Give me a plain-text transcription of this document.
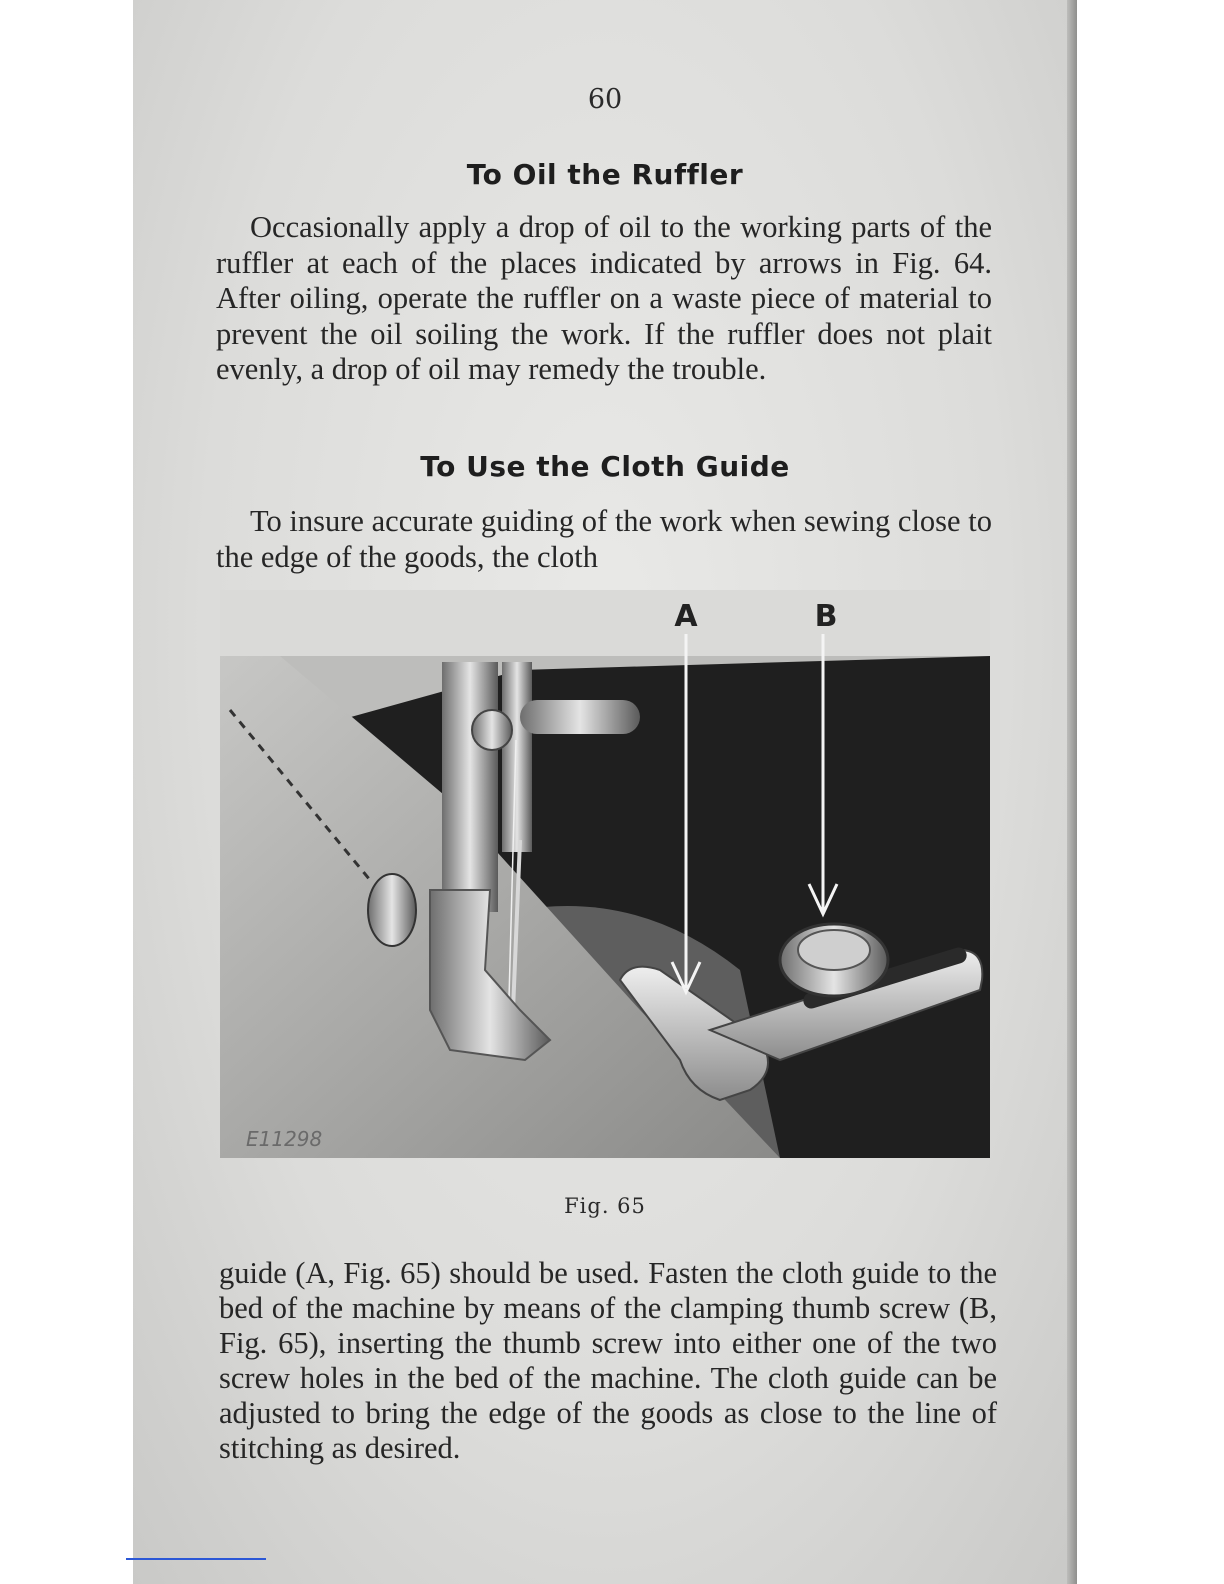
60
To Oil the Ruffler

Occasionally apply a drop of oil to the working parts of the ruffler at each of the places indicated by arrows in Fig. 64. After oiling, operate the ruffler on a waste piece of material to prevent the oil soiling the work. If the ruffler does not plait evenly, a drop of oil may remedy the trouble.

To Use the Cloth Guide

To insure accurate guiding of the work when sewing close to the edge of the goods, the cloth

A	B
E11298
Fig. 65

guide (A, Fig. 65) should be used. Fasten the cloth guide to the bed of the machine by means of the clamping thumb screw (B, Fig. 65), inserting the thumb screw into either one of the two screw holes in the bed of the machine. The cloth guide can be adjusted to bring the edge of the goods as close to the line of stitching as desired.
